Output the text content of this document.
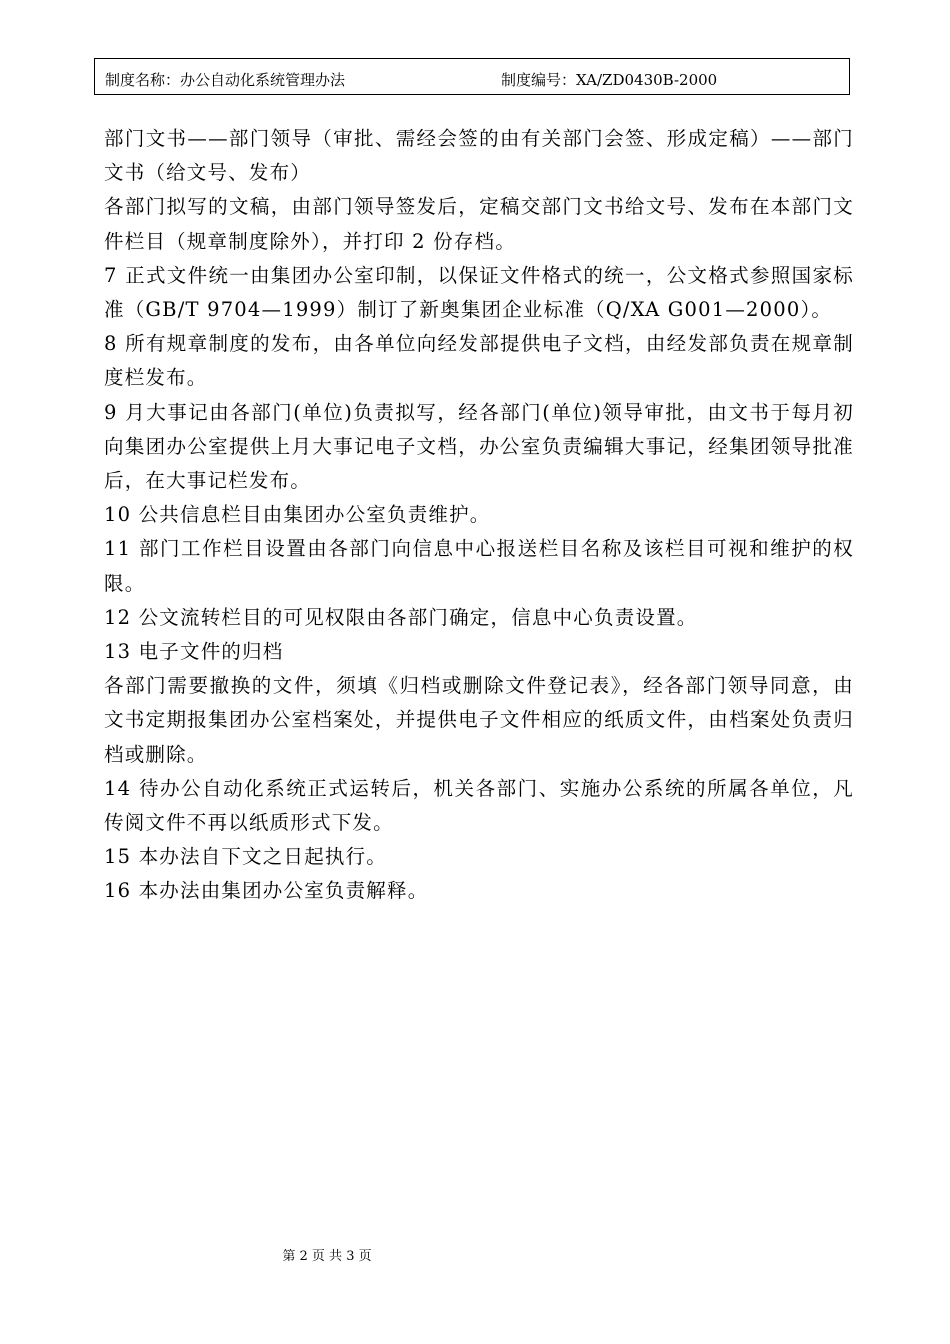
制度名称：办公自动化系统管理办法	制度编号：XA/ZD0430B-2000

部门文书——部门领导（审批、需经会签的由有关部门会签、形成定稿）——部门文书（给文号、发布）

各部门拟写的文稿，由部门领导签发后，定稿交部门文书给文号、发布在本部门文件栏目（规章制度除外），并打印 2 份存档。

7 正式文件统一由集团办公室印制，以保证文件格式的统一，公文格式参照国家标准（GB/T 9704—1999）制订了新奥集团企业标准（Q/XA G001—2000）。

8 所有规章制度的发布，由各单位向经发部提供电子文档，由经发部负责在规章制度栏发布。

9 月大事记由各部门(单位)负责拟写，经各部门(单位)领导审批，由文书于每月初向集团办公室提供上月大事记电子文档，办公室负责编辑大事记，经集团领导批准后，在大事记栏发布。

10 公共信息栏目由集团办公室负责维护。

11 部门工作栏目设置由各部门向信息中心报送栏目名称及该栏目可视和维护的权限。

12 公文流转栏目的可见权限由各部门确定，信息中心负责设置。

13 电子文件的归档

各部门需要撤换的文件，须填《归档或删除文件登记表》，经各部门领导同意，由文书定期报集团办公室档案处，并提供电子文件相应的纸质文件，由档案处负责归档或删除。

14 待办公自动化系统正式运转后，机关各部门、实施办公系统的所属各单位，凡传阅文件不再以纸质形式下发。

15 本办法自下文之日起执行。

16 本办法由集团办公室负责解释。

第 2 页 共 3 页
